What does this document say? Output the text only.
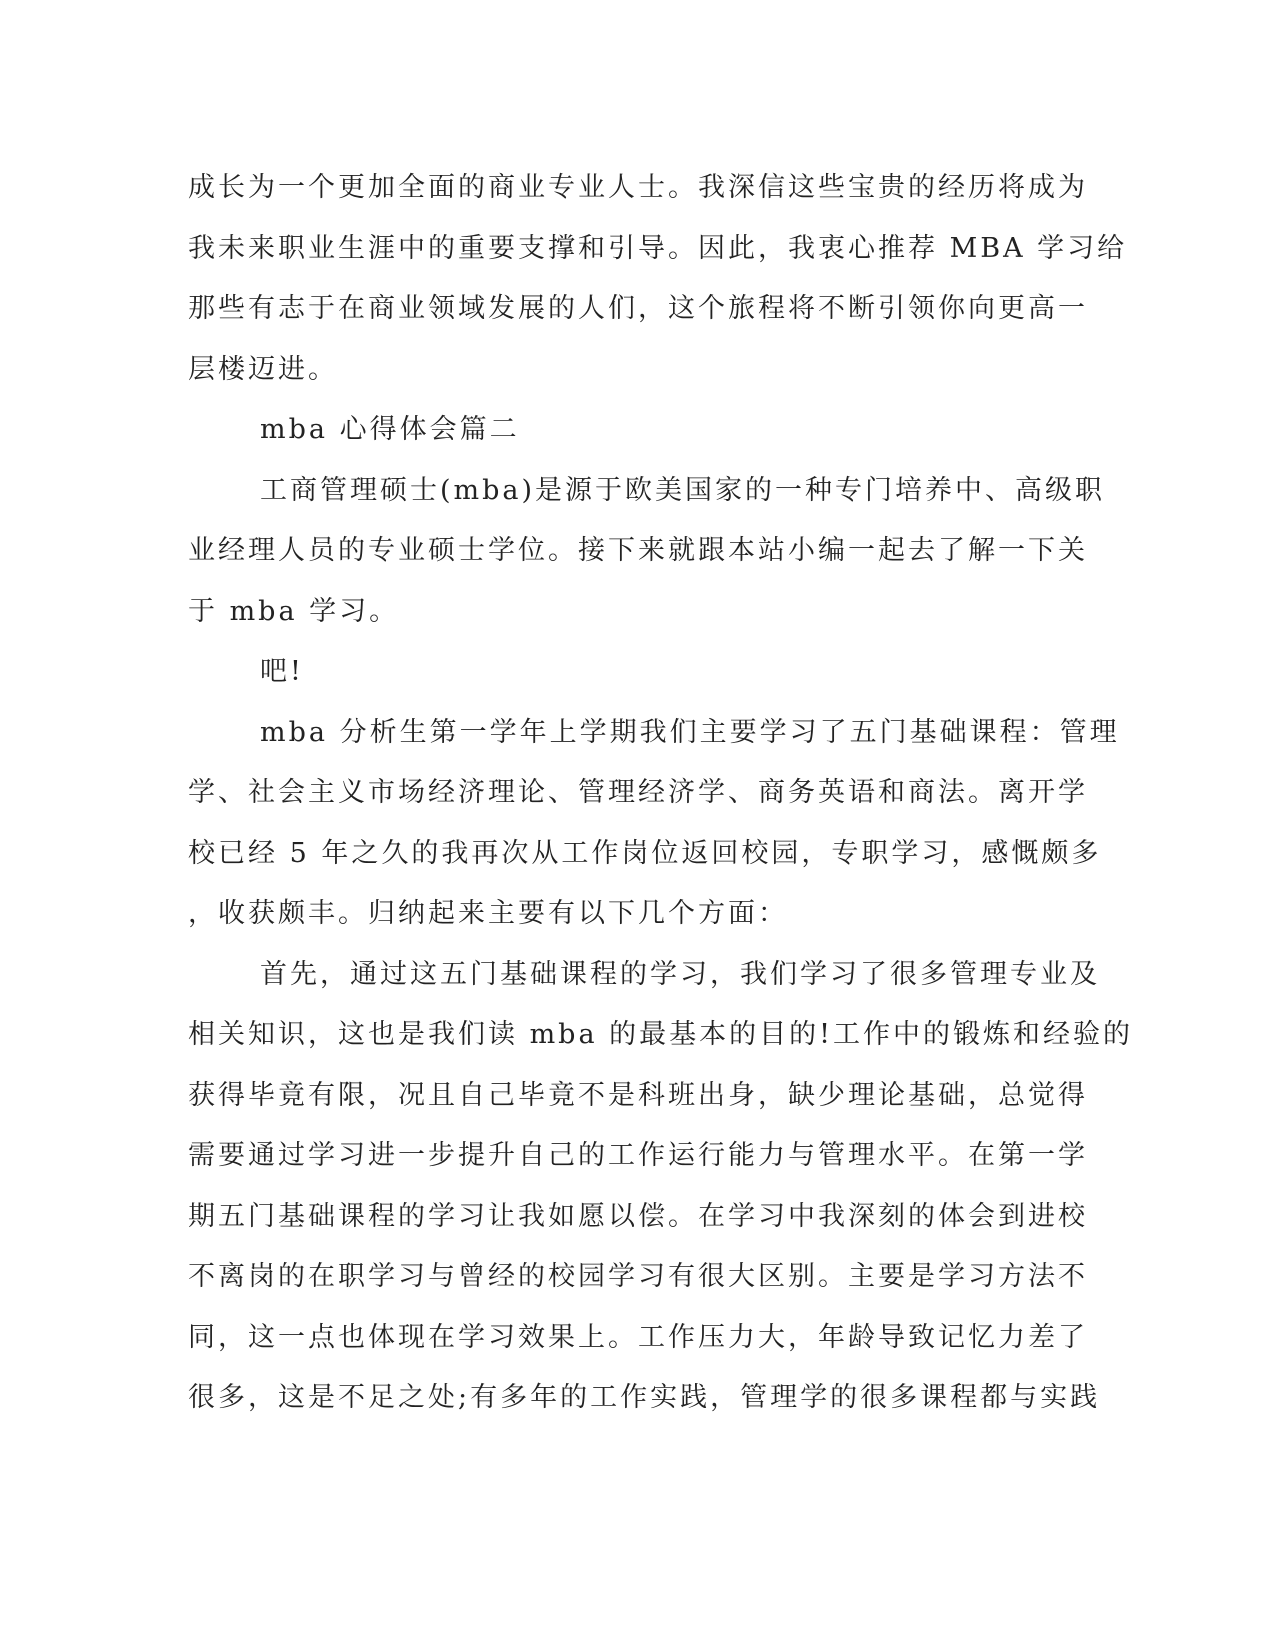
成长为一个更加全面的商业专业人士。我深信这些宝贵的经历将成为
我未来职业生涯中的重要支撑和引导。因此，我衷心推荐 MBA 学习给
那些有志于在商业领域发展的人们，这个旅程将不断引领你向更高一
层楼迈进。
mba 心得体会篇二
工商管理硕士(mba)是源于欧美国家的一种专门培养中、高级职
业经理人员的专业硕士学位。接下来就跟本站小编一起去了解一下关
于 mba 学习。
吧!
mba 分析生第一学年上学期我们主要学习了五门基础课程：管理
学、社会主义市场经济理论、管理经济学、商务英语和商法。离开学
校已经 5 年之久的我再次从工作岗位返回校园，专职学习，感慨颇多
，收获颇丰。归纳起来主要有以下几个方面：
首先，通过这五门基础课程的学习，我们学习了很多管理专业及
相关知识，这也是我们读 mba 的最基本的目的!工作中的锻炼和经验的
获得毕竟有限，况且自己毕竟不是科班出身，缺少理论基础，总觉得
需要通过学习进一步提升自己的工作运行能力与管理水平。在第一学
期五门基础课程的学习让我如愿以偿。在学习中我深刻的体会到进校
不离岗的在职学习与曾经的校园学习有很大区别。主要是学习方法不
同，这一点也体现在学习效果上。工作压力大，年龄导致记忆力差了
很多，这是不足之处;有多年的工作实践，管理学的很多课程都与实践
